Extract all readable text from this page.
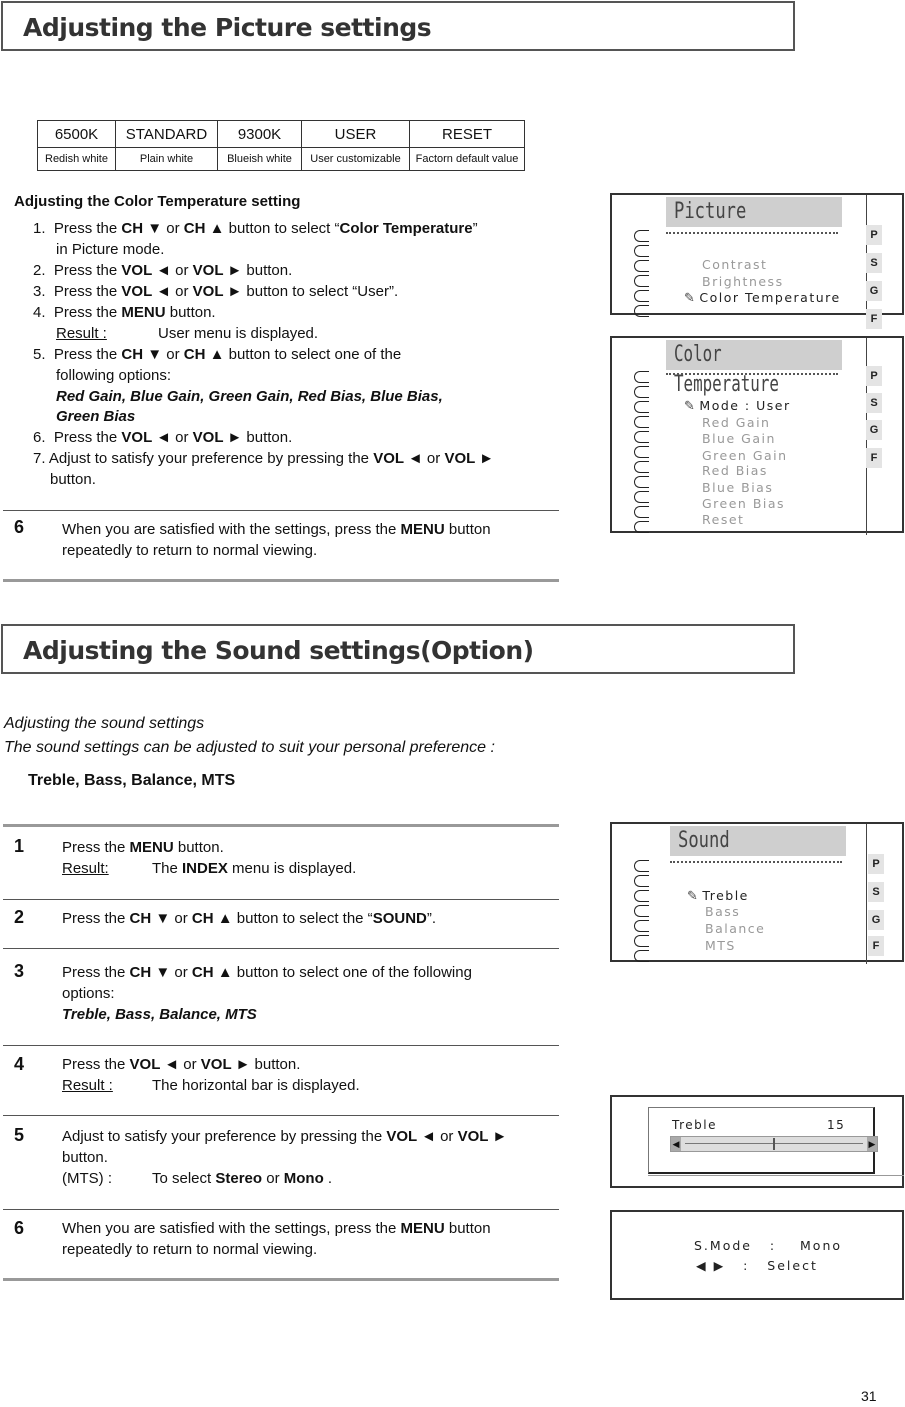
Adjusting the Picture settings
6500K	STANDARD	9300K	USER	RESET
Redish white	Plain white	Blueish white	User customizable	Factorn default value
Adjusting the Color Temperature setting
1. Press the CH ▼ or CH ▲ button to select “Color Temperature”
in Picture mode.
2. Press the VOL ◄ or VOL ► button.
3. Press the VOL ◄ or VOL ► button to select “User”.
4. Press the MENU button.
Result :	User menu is displayed.
5. Press the CH ▼ or CH ▲ button to select one of the
following options:
Red Gain, Blue Gain, Green Gain, Red Bias, Blue Bias,
Green Bias
6. Press the VOL ◄ or VOL ► button.
7. Adjust to satisfy your preference by pressing the VOL ◄ or VOL ►
button.
6	When you are satisfied with the settings, press the MENU button
repeatedly to return to normal viewing.
Picture
Contrast
Brightness
✎ Color Temperature
P
S
G
F
Color Temperature
✎ Mode : User
Red Gain
Blue Gain
Green Gain
Red Bias
Blue Bias
Green Bias
Reset
P
S
G
F
Adjusting the Sound settings(Option)
Adjusting the sound settings
The sound settings can be adjusted to suit your personal preference :
Treble, Bass, Balance, MTS
1	Press the MENU button.
Result:	The INDEX menu is displayed.
2	Press the CH ▼ or CH ▲ button to select the “SOUND”.
3	Press the CH ▼ or CH ▲ button to select one of the following
options:
Treble, Bass, Balance, MTS
4	Press the VOL ◄ or VOL ► button.
Result :	The horizontal bar is displayed.
5	Adjust to satisfy your preference by pressing the VOL ◄ or VOL ►
button.
(MTS) :	To select Stereo or Mono .
6	When you are satisfied with the settings, press the MENU button
repeatedly to return to normal viewing.
Sound
✎ Treble
Bass
Balance
MTS
P
S
G
F
Treble	15
◀	▶
S.Mode : Mono
◀ ▶ : Select
31
